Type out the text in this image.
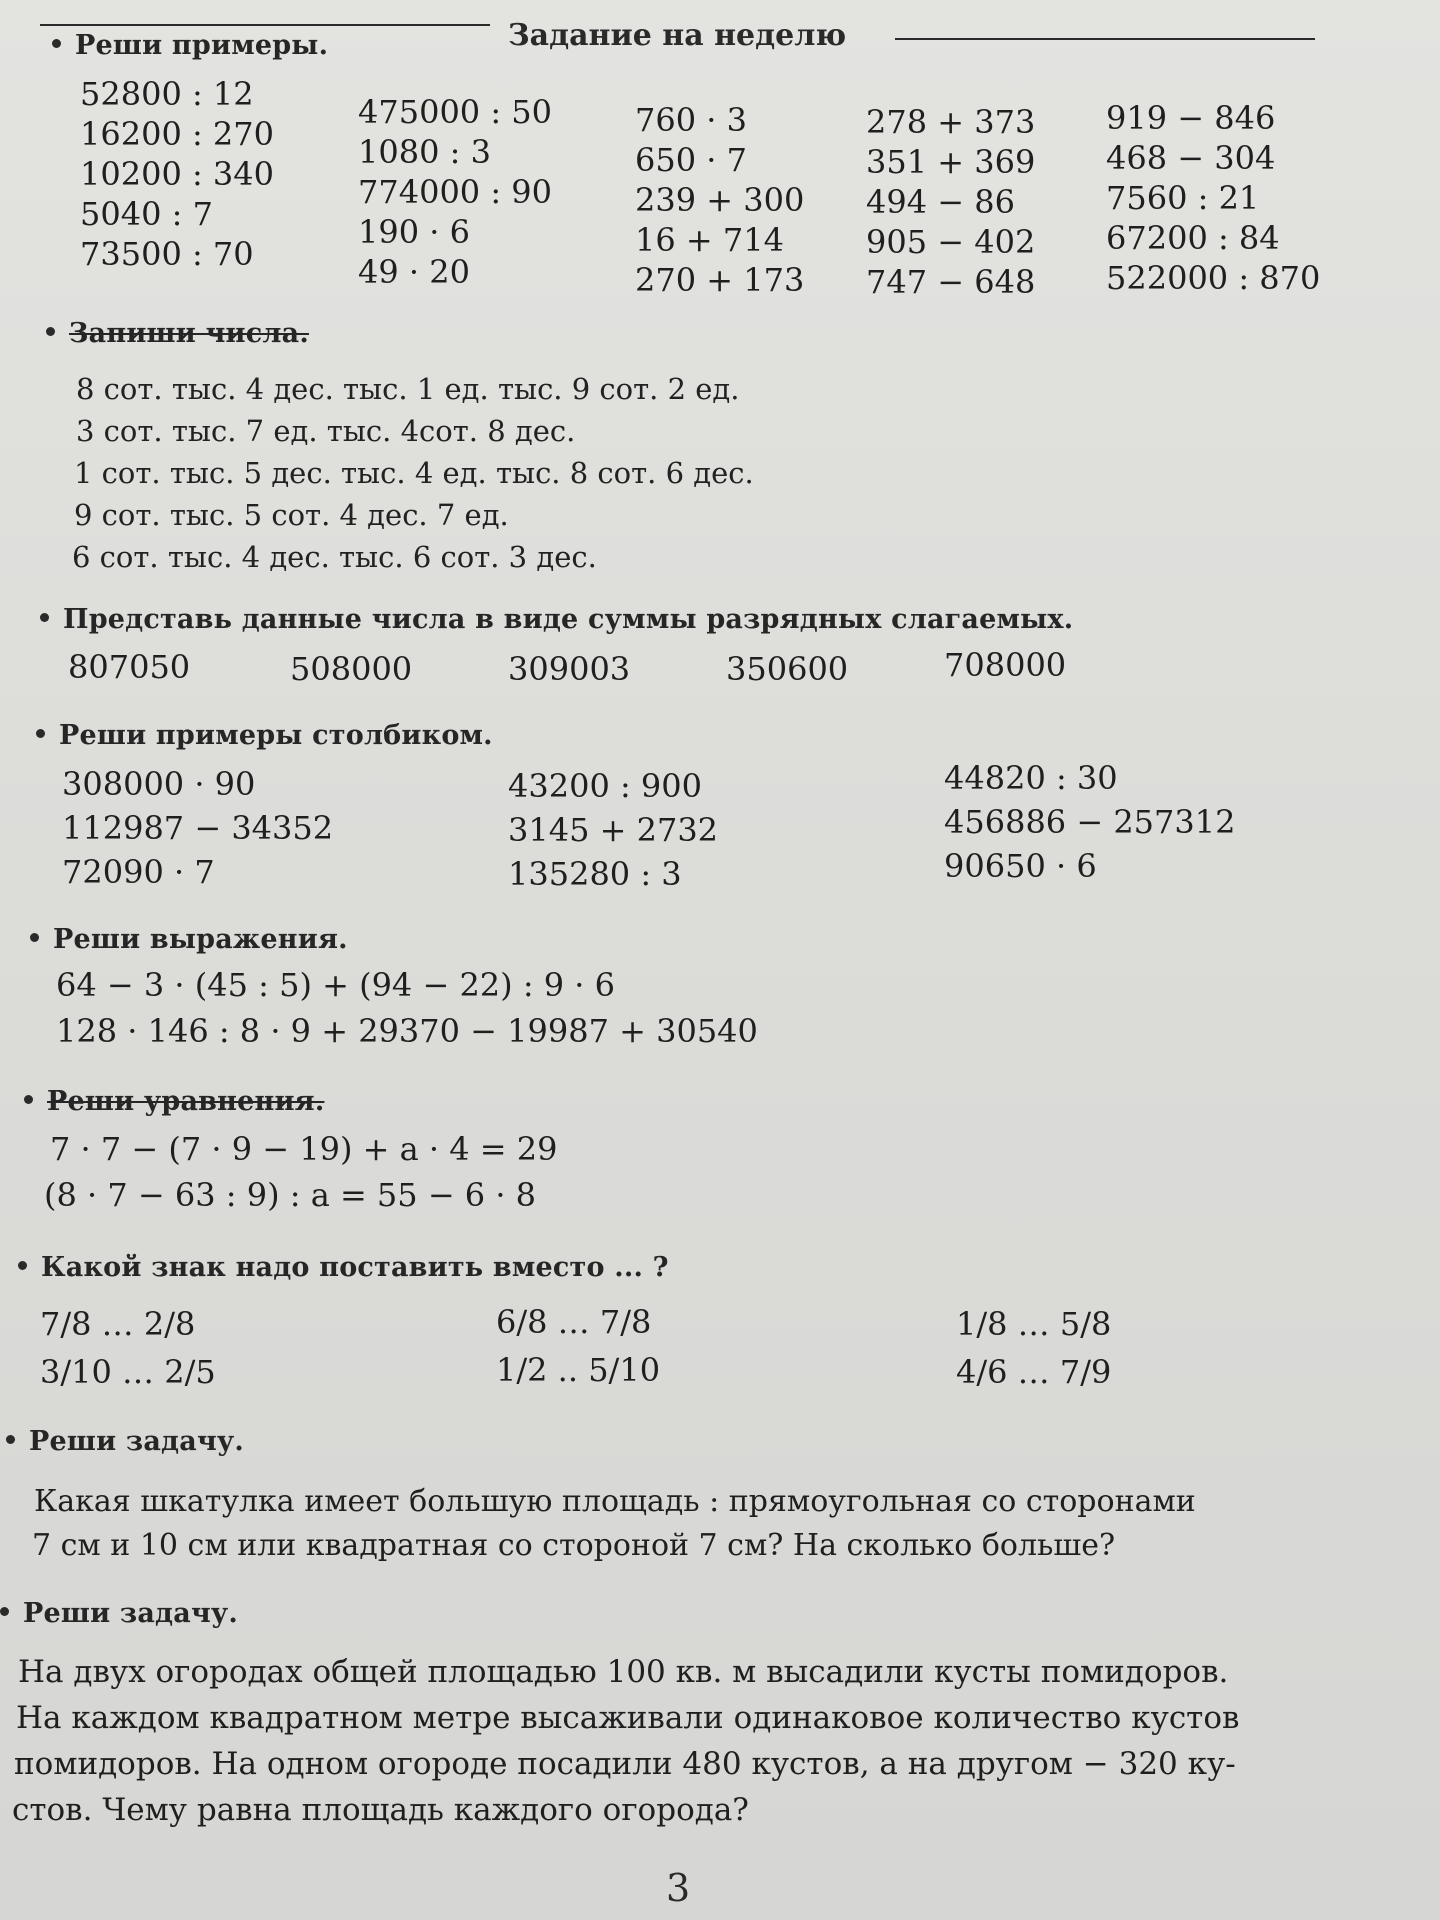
Задание на неделю
Реши примеры.
52800 : 12
16200 : 270
10200 : 340
5040 : 7
73500 : 70
475000 : 50
1080 : 3
774000 : 90
190 · 6
49 · 20
760 · 3
650 · 7
239 + 300
16 + 714
270 + 173
278 + 373
351 + 369
494 − 86
905 − 402
747 − 648
919 − 846
468 − 304
7560 : 21
67200 : 84
522000 : 870
Запиши числа.
8 сот. тыс. 4 дес. тыс. 1 ед. тыс. 9 сот. 2 ед.
3 сот. тыс. 7 ед. тыс. 4сот. 8 дес.
1 сот. тыс. 5 дес. тыс. 4 ед. тыс. 8 сот. 6 дес.
9 сот. тыс. 5 сот. 4 дес. 7 ед.
6 сот. тыс. 4 дес. тыс. 6 сот. 3 дес.
Представь данные числа в виде суммы разрядных слагаемых.
807050	508000	309003	350600	708000
Реши примеры столбиком.
308000 · 90
112987 − 34352
72090 · 7
43200 : 900
3145 + 2732
135280 : 3
44820 : 30
456886 − 257312
90650 · 6
Реши выражения.
64 − 3 · (45 : 5) + (94 − 22) : 9 · 6
128 · 146 : 8 · 9 + 29370 − 19987 + 30540
Реши уравнения.
7 · 7 − (7 · 9 − 19) + а · 4 = 29
(8 · 7 − 63 : 9) : а = 55 − 6 · 8
Какой знак надо поставить вместо ... ?
7/8 … 2/8
3/10 … 2/5
6/8 … 7/8
1/2 .. 5/10
1/8 … 5/8
4/6 … 7/9
Реши задачу.
Какая шкатулка имеет большую площадь : прямоугольная со сторонами
7 см и 10 см или квадратная со стороной 7 см? На сколько больше?
Реши задачу.
На двух огородах общей площадью 100 кв. м высадили кусты помидоров.
На каждом квадратном метре высаживали одинаковое количество кустов
помидоров. На одном огороде посадили 480 кустов, а на другом − 320 ку-
стов. Чему равна площадь каждого огорода?
3
